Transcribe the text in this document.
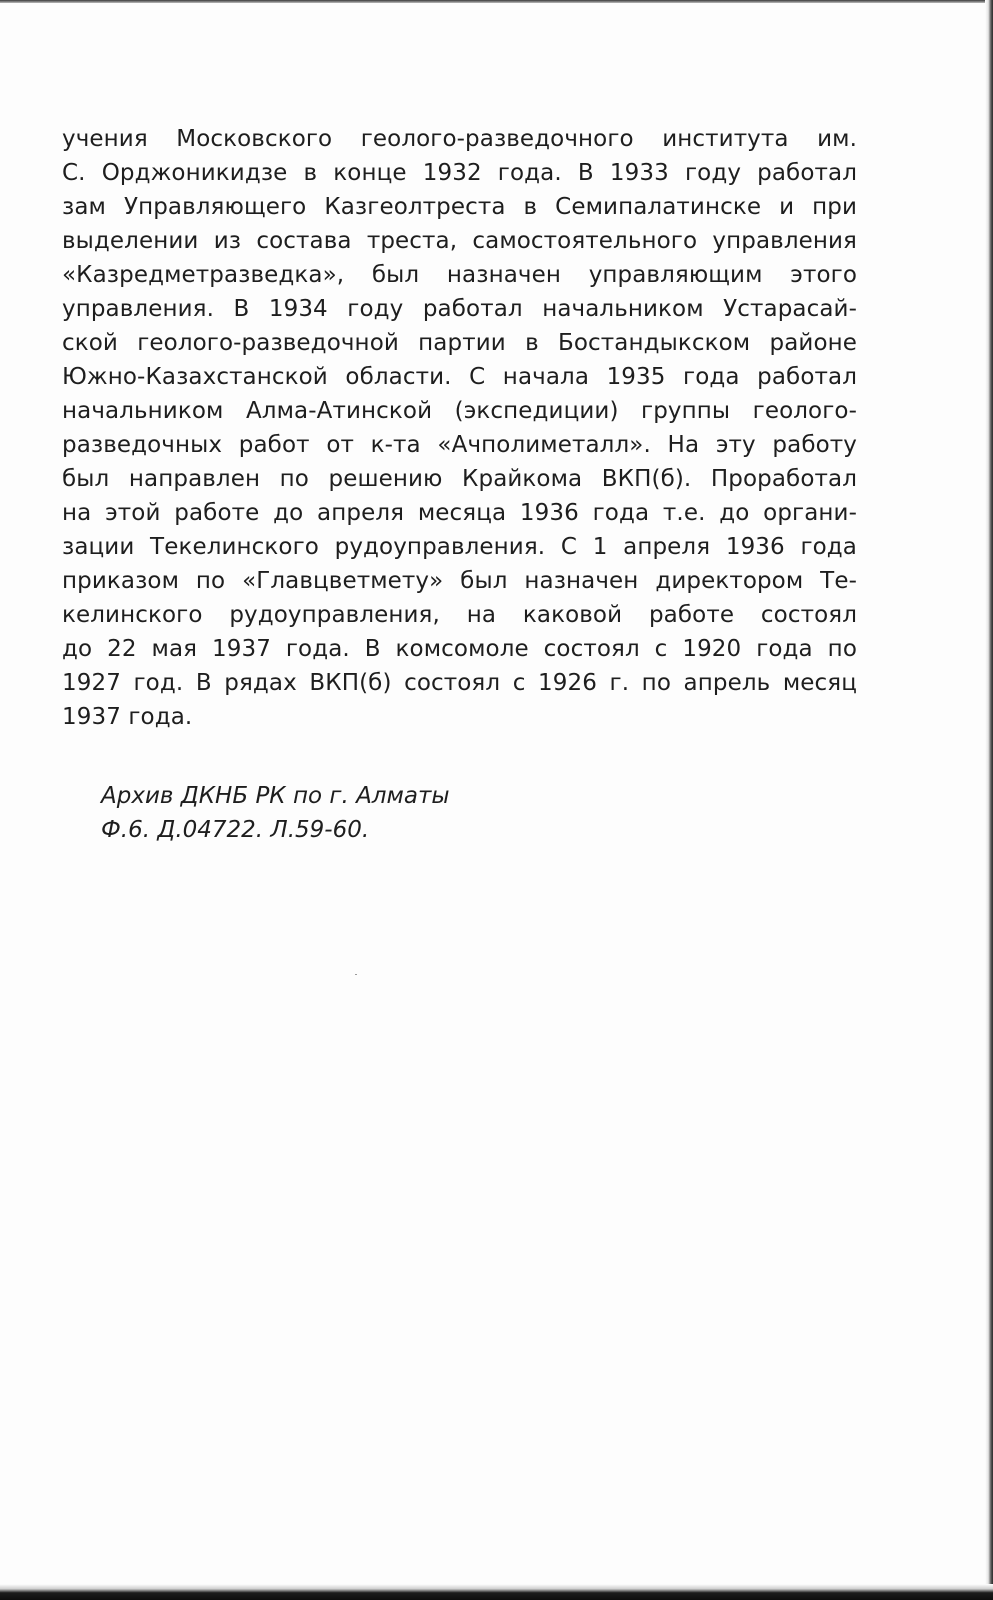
учения Московского геолого-разведочного института им.
С. Орджоникидзе в конце 1932 года. В 1933 году работал
зам Управляющего Казгеолтреста в Семипалатинске и при
выделении из состава треста, самостоятельного управления
«Казредметразведка», был назначен управляющим этого
управления. В 1934 году работал начальником Устарасай-
ской геолого-разведочной партии в Бостандыкском районе
Южно-Казахстанской области. С начала 1935 года работал
начальником Алма-Атинской (экспедиции) группы геолого-
разведочных работ от к-та «Ачполиметалл». На эту работу
был направлен по решению Крайкома ВКП(б). Проработал
на этой работе до апреля месяца 1936 года т.е. до органи-
зации Текелинского рудоуправления. С 1 апреля 1936 года
приказом по «Главцветмету» был назначен директором Те-
келинского рудоуправления, на каковой работе состоял
до 22 мая 1937 года. В комсомоле состоял с 1920 года по
1927 год. В рядах ВКП(б) состоял с 1926 г. по апрель месяц
1937 года.
Архив ДКНБ РК по г. Алматы
Ф.6. Д.04722. Л.59-60.
